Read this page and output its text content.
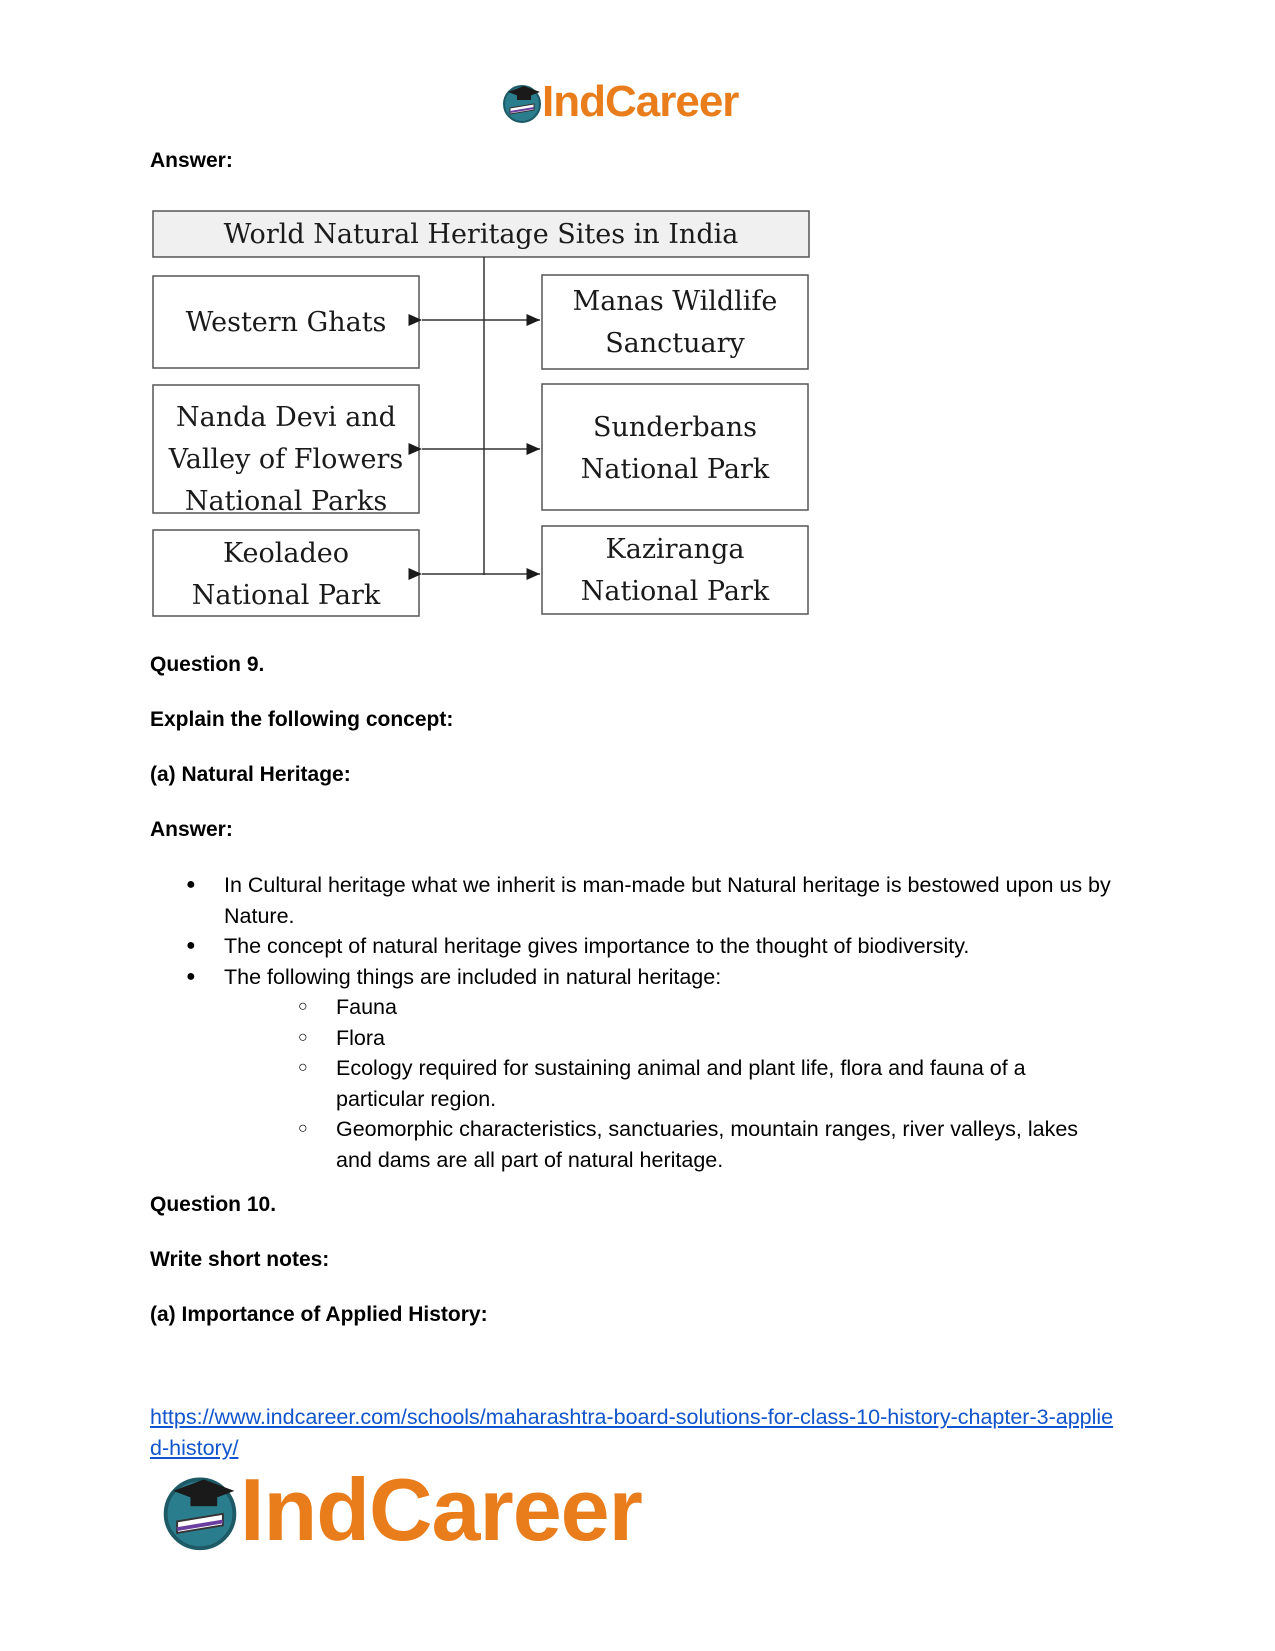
IndCareer
Answer:
World Natural Heritage Sites in India
Western Ghats
Nanda Devi and
Valley of Flowers
National Parks
Keoladeo
National Park
Manas Wildlife
Sanctuary
Sunderbans
National Park
Kaziranga
National Park
Question 9.
Explain the following concept:
(a) Natural Heritage:
Answer:
● In Cultural heritage what we inherit is man-made but Natural heritage is bestowed upon us by Nature.
● The concept of natural heritage gives importance to the thought of biodiversity.
● The following things are included in natural heritage:
○ Fauna
○ Flora
○ Ecology required for sustaining animal and plant life, flora and fauna of a particular region.
○ Geomorphic characteristics, sanctuaries, mountain ranges, river valleys, lakes and dams are all part of natural heritage.
Question 10.
Write short notes:
(a) Importance of Applied History:
https://www.indcareer.com/schools/maharashtra-board-solutions-for-class-10-history-chapter-3-applied-history/
IndCareer
